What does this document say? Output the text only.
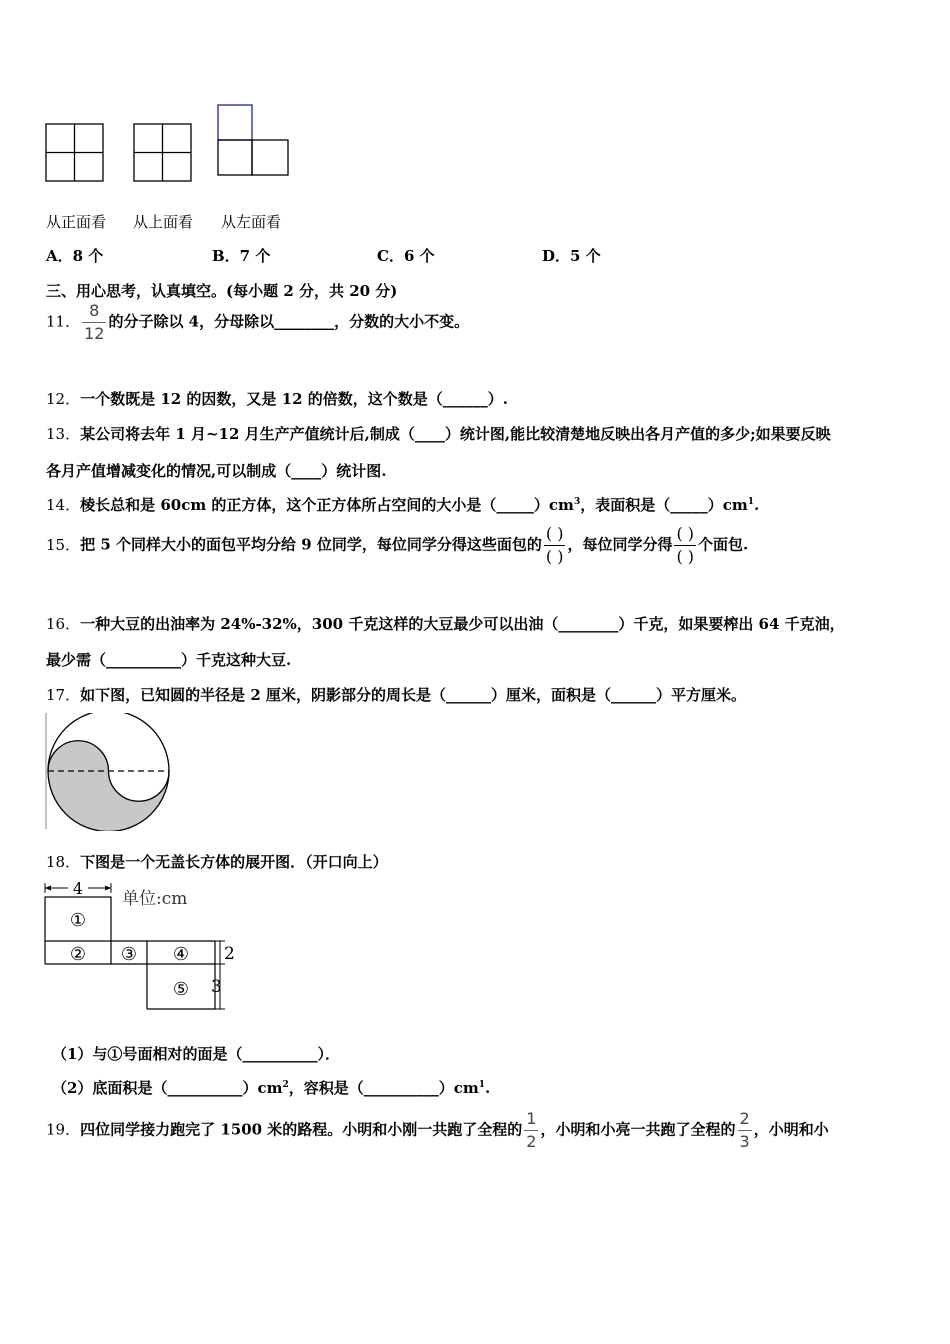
从正面看 从上面看 从左面看
A．8 个	B．7 个	C．6 个	D．5 个
三、用心思考，认真填空。(每小题 2 分，共 20 分)
11． $\frac{8}{12}$ 的分子除以 4，分母除以________，分数的大小不变。
12．一个数既是 12 的因数，又是 12 的倍数，这个数是（______）.
13．某公司将去年 1 月~12 月生产产值统计后,制成（____）统计图,能比较清楚地反映出各月产值的多少;如果要反映
各月产值增减变化的情况,可以制成（____）统计图.
14．棱长总和是 60cm 的正方体，这个正方体所占空间的大小是$(\_\_\_\_\_)cm^3$，表面积是$(\_\_\_\_\_)cm^1$.
15．把 5 个同样大小的面包平均分给 9 位同学，每位同学分得这些面包的 $\frac{( )}{( )}$ ，每位同学分得 $\frac{( )}{( )}$ 个面包.
16．一种大豆的出油率为 24%-32%，300 千克这样的大豆最少可以出油（________）千克，如果要榨出 64 千克油，
最少需（__________）千克这种大豆.
17．如下图，已知圆的半径是 2 厘米，阴影部分的周长是（______）厘米，面积是（______）平方厘米。
18．下图是一个无盖长方体的展开图．（开口向上）
4
单位:cm
①
② ③ ④
⑤
2
3
（1）与①号面相对的面是（__________）．
（2）底面积是$(\_\_\_\_\_\_\_\_\_\_)cm^2$，容积是$(\_\_\_\_\_\_\_\_\_\_)cm^1$.
19．四位同学接力跑完了 1500 米的路程。小明和小刚一共跑了全程的 $\frac{1}{2}$ ，小明和小亮一共跑了全程的 $\frac{2}{3}$ ，小明和小
